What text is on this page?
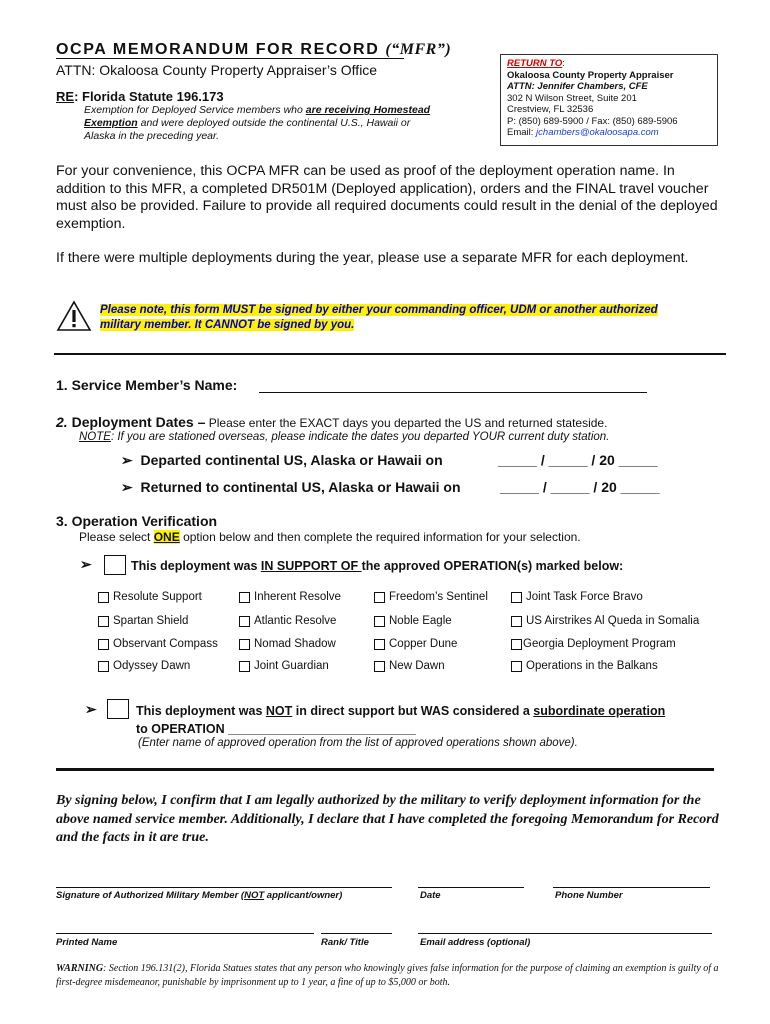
OCPA MEMORANDUM FOR RECORD (“MFR”)
ATTN: Okaloosa County Property Appraiser’s Office
RE: Florida Statute 196.173
Exemption for Deployed Service members who are receiving Homestead Exemption and were deployed outside the continental U.S., Hawaii or Alaska in the preceding year.
RETURN TO:
Okaloosa County Property Appraiser
ATTN: Jennifer Chambers, CFE
302 N Wilson Street, Suite 201
Crestview, FL 32536
P: (850) 689-5900 / Fax: (850) 689-5906
Email: jchambers@okaloosapa.com
For your convenience, this OCPA MFR can be used as proof of the deployment operation name. In addition to this MFR, a completed DR501M (Deployed application), orders and the FINAL travel voucher must also be provided. Failure to provide all required documents could result in the denial of the deployed exemption.
If there were multiple deployments during the year, please use a separate MFR for each deployment.
Please note, this form MUST be signed by either your commanding officer, UDM or another authorized military member. It CANNOT be signed by you.
1. Service Member’s Name:
2. Deployment Dates – Please enter the EXACT days you departed the US and returned stateside.
NOTE: If you are stationed overseas, please indicate the dates you departed YOUR current duty station.
➢ Departed continental US, Alaska or Hawaii on	_____ / _____ / 20 _____
➢ Returned to continental US, Alaska or Hawaii on	_____ / _____ / 20 _____
3. Operation Verification
Please select ONE option below and then complete the required information for your selection.
➢	This deployment was IN SUPPORT OF the approved OPERATION(s) marked below:
Resolute Support	Inherent Resolve	Freedom’s Sentinel	Joint Task Force Bravo
Spartan Shield	Atlantic Resolve	Noble Eagle	US Airstrikes Al Queda in Somalia
Observant Compass	Nomad Shadow	Copper Dune	Georgia Deployment Program
Odyssey Dawn	Joint Guardian	New Dawn	Operations in the Balkans
➢	This deployment was NOT in direct support but WAS considered a subordinate operation to OPERATION ___________________________
(Enter name of approved operation from the list of approved operations shown above).
By signing below, I confirm that I am legally authorized by the military to verify deployment information for the above named service member. Additionally, I declare that I have completed the foregoing Memorandum for Record and the facts in it are true.
Signature of Authorized Military Member (NOT applicant/owner)	Date	Phone Number
Printed Name	Rank/ Title	Email address (optional)
WARNING: Section 196.131(2), Florida Statues states that any person who knowingly gives false information for the purpose of claiming an exemption is guilty of a first-degree misdemeanor, punishable by imprisonment up to 1 year, a fine of up to $5,000 or both.
